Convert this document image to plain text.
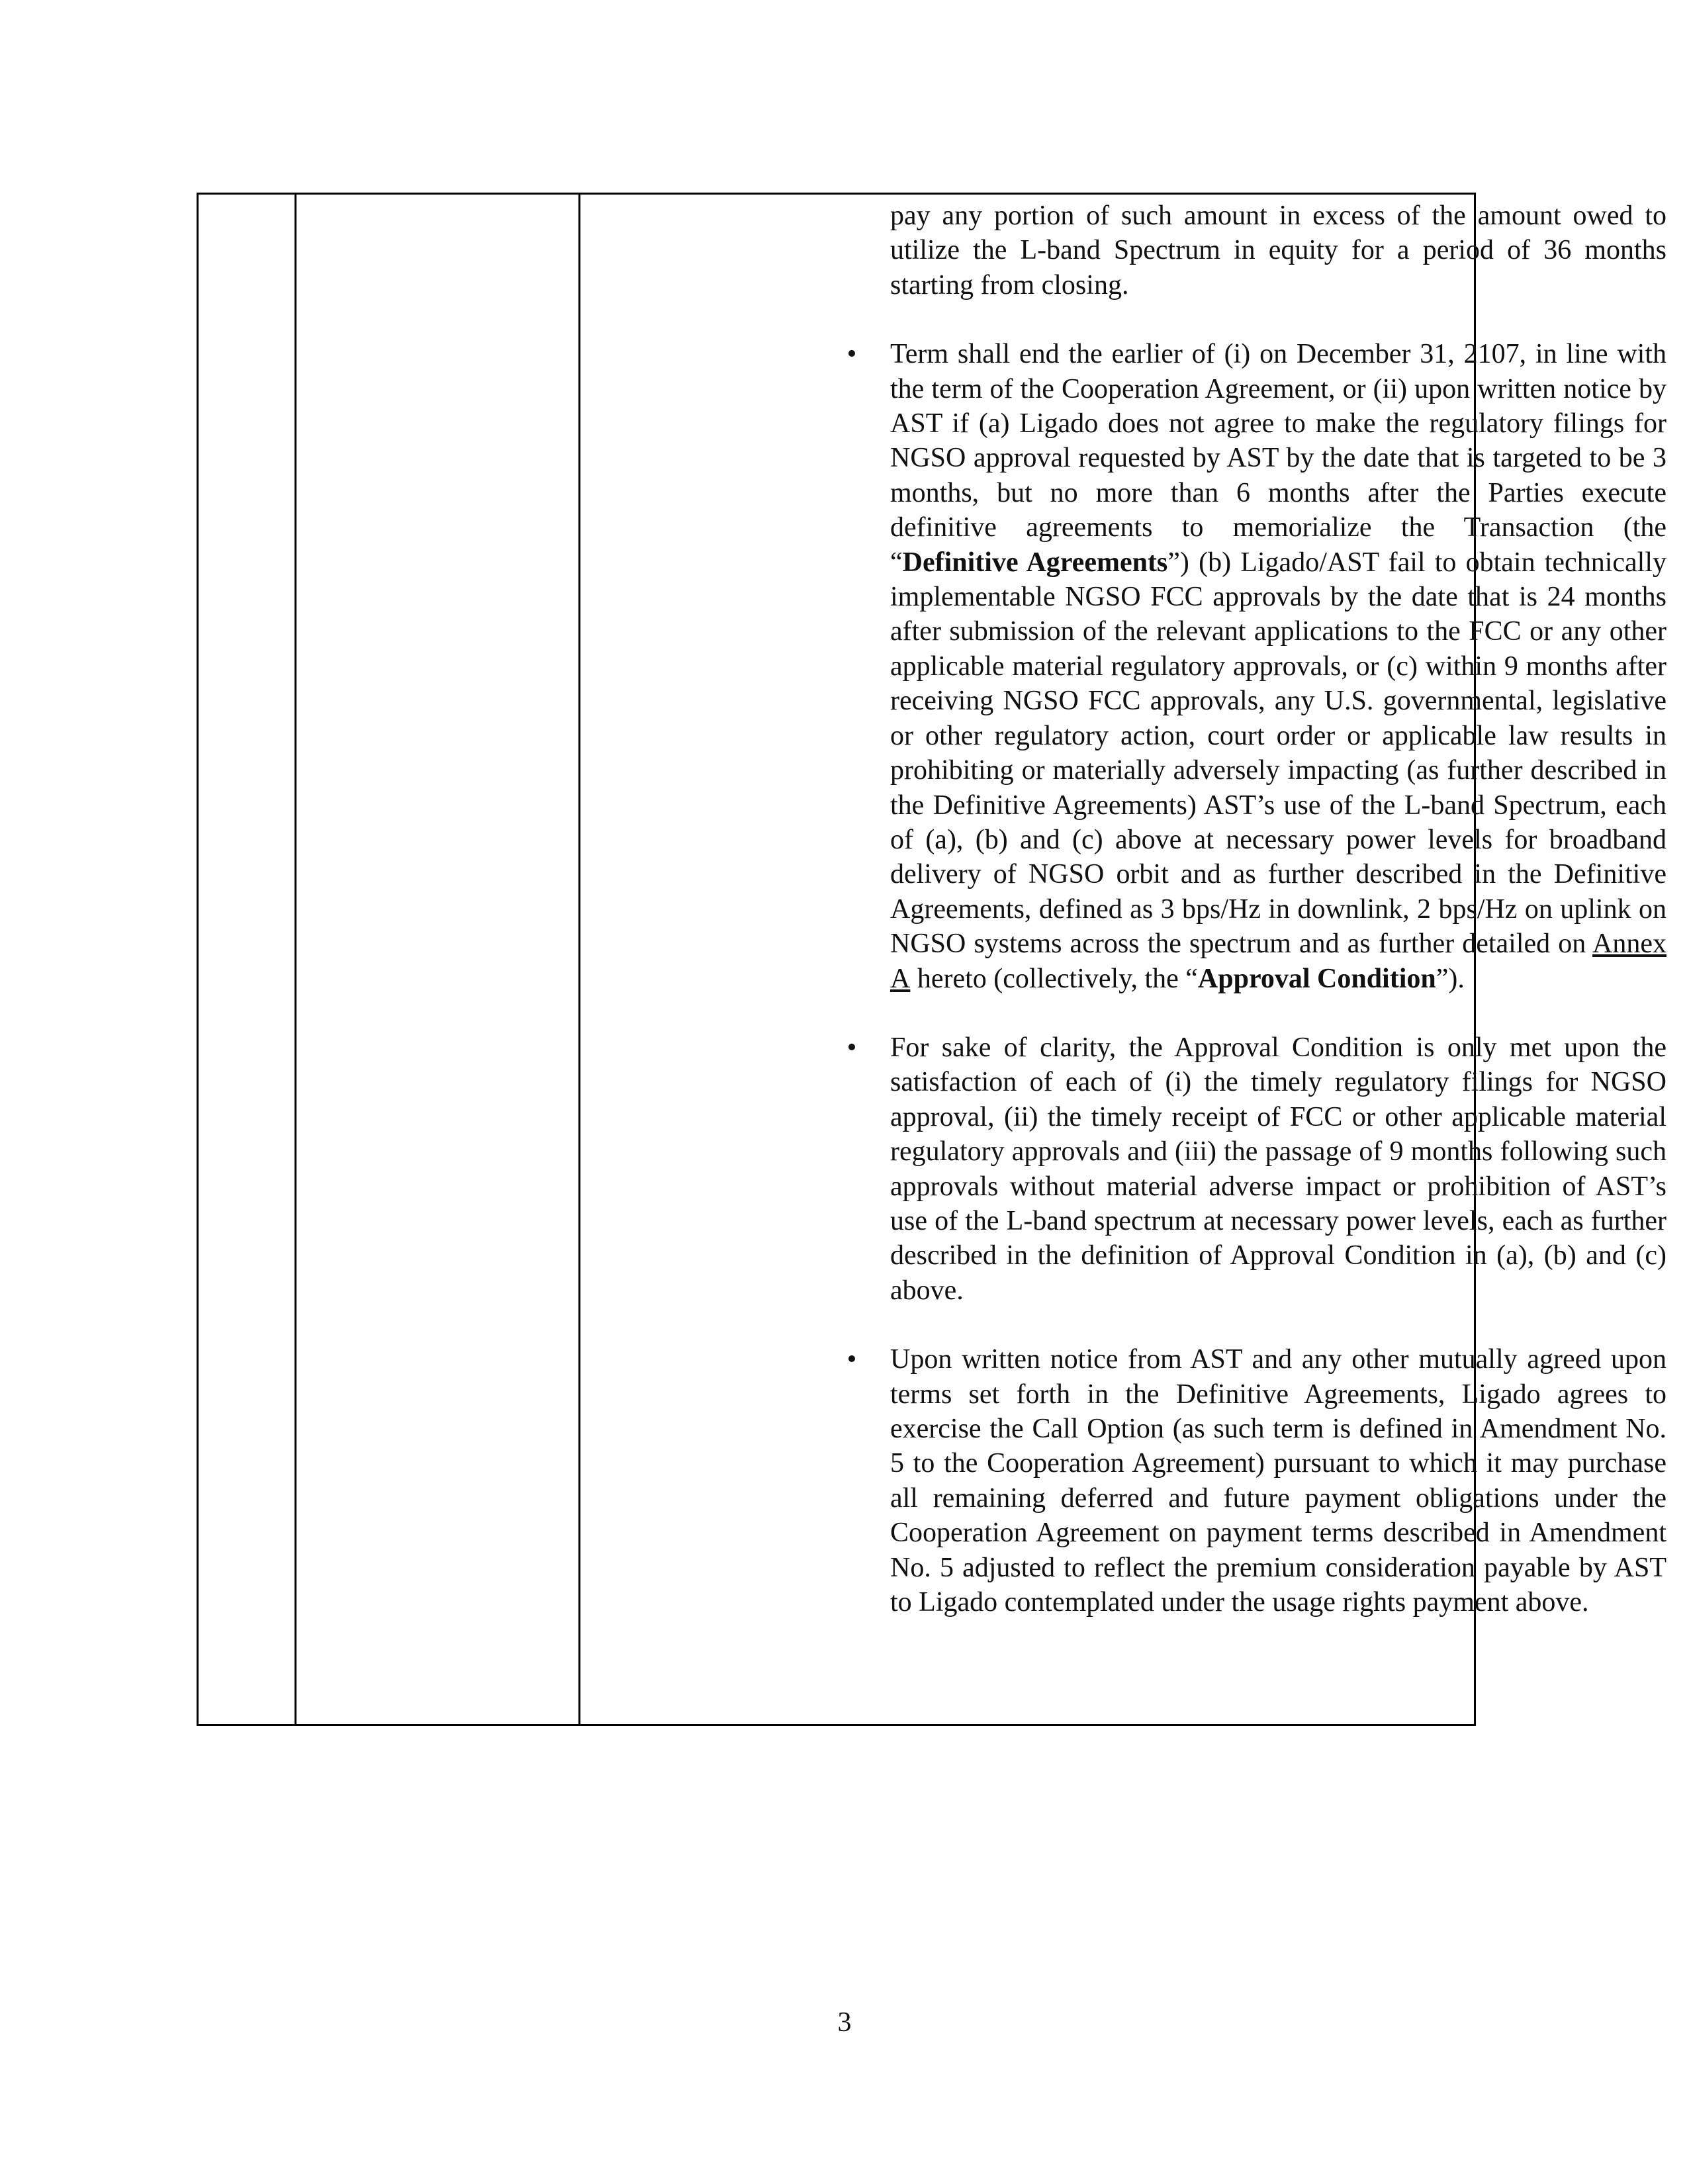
pay any portion of such amount in excess of the amount owed to utilize the L-band Spectrum in equity for a period of 36 months starting from closing.

•	Term shall end the earlier of (i) on December 31, 2107, in line with the term of the Cooperation Agreement, or (ii) upon written notice by AST if (a) Ligado does not agree to make the regulatory filings for NGSO approval requested by AST by the date that is targeted to be 3 months, but no more than 6 months after the Parties execute definitive agreements to memorialize the Transaction (the “Definitive Agreements”) (b) Ligado/AST fail to obtain technically implementable NGSO FCC approvals by the date that is 24 months after submission of the relevant applications to the FCC or any other applicable material regulatory approvals, or (c) within 9 months after receiving NGSO FCC approvals, any U.S. governmental, legislative or other regulatory action, court order or applicable law results in prohibiting or materially adversely impacting (as further described in the Definitive Agreements) AST’s use of the L-band Spectrum, each of (a), (b) and (c) above at necessary power levels for broadband delivery of NGSO orbit and as further described in the Definitive Agreements, defined as 3 bps/Hz in downlink, 2 bps/Hz on uplink on NGSO systems across the spectrum and as further detailed on Annex A hereto (collectively, the “Approval Condition”).

•	For sake of clarity, the Approval Condition is only met upon the satisfaction of each of (i) the timely regulatory filings for NGSO approval, (ii) the timely receipt of FCC or other applicable material regulatory approvals and (iii) the passage of 9 months following such approvals without material adverse impact or prohibition of AST’s use of the L-band spectrum at necessary power levels, each as further described in the definition of Approval Condition in (a), (b) and (c) above.

•	Upon written notice from AST and any other mutually agreed upon terms set forth in the Definitive Agreements, Ligado agrees to exercise the Call Option (as such term is defined in Amendment No. 5 to the Cooperation Agreement) pursuant to which it may purchase all remaining deferred and future payment obligations under the Cooperation Agreement on payment terms described in Amendment No. 5 adjusted to reflect the premium consideration payable by AST to Ligado contemplated under the usage rights payment above.

3
